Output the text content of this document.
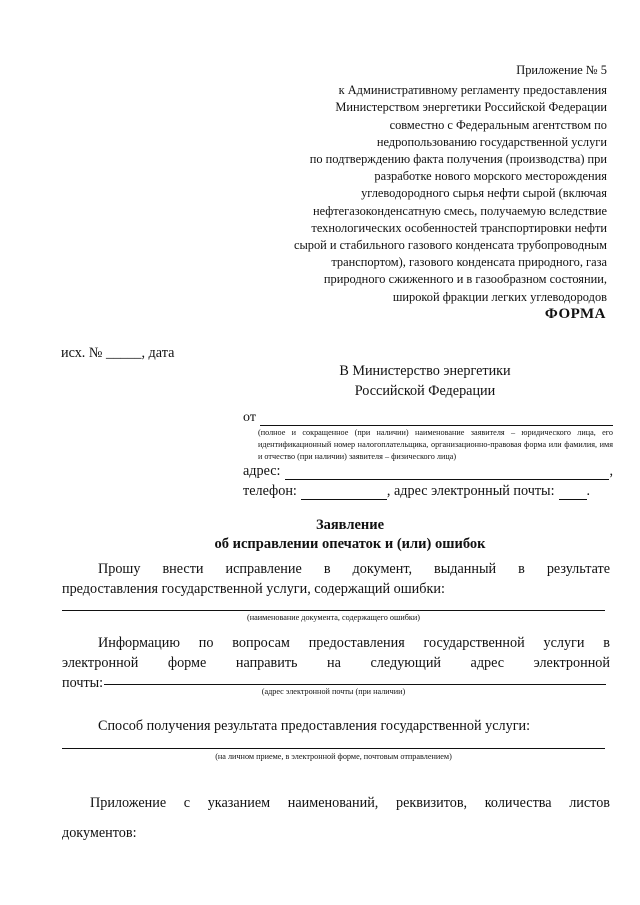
Приложение № 5
к Административному регламенту предоставления
Министерством энергетики Российской Федерации
совместно с Федеральным агентством по
недропользованию государственной услуги
по подтверждению факта получения (производства) при
разработке нового морского месторождения
углеводородного сырья нефти сырой (включая
нефтегазоконденсатную смесь, получаемую вследствие
технологических особенностей транспортировки нефти
сырой и стабильного газового конденсата трубопроводным
транспортом), газового конденсата природного, газа
природного сжиженного и в газообразном состоянии,
широкой фракции легких углеводородов
ФОРМА
исх. № _____, дата
В Министерство энергетики
Российской Федерации
от
(полное и сокращенное (при наличии) наименование заявителя – юридического лица, его идентификационный номер налогоплательщика, организационно-правовая форма или фамилия, имя и отчество (при наличии) заявителя – физического лица)
адрес:	,
телефон:	, адрес электронный почты: .
Заявление
об исправлении опечаток и (или) ошибок
Прошу внести исправление в документ, выданный в результате
предоставления государственной услуги, содержащий ошибки:
(наименование документа, содержащего ошибки)
Информацию по вопросам предоставления государственной услуги в
электронной форме направить на следующий адрес электронной
почты:
(адрес электронной почты (при наличии)
Способ получения результата предоставления государственной услуги:
(на личном приеме, в электронной форме, почтовым отправлением)
Приложение с указанием наименований, реквизитов, количества листов
документов:
